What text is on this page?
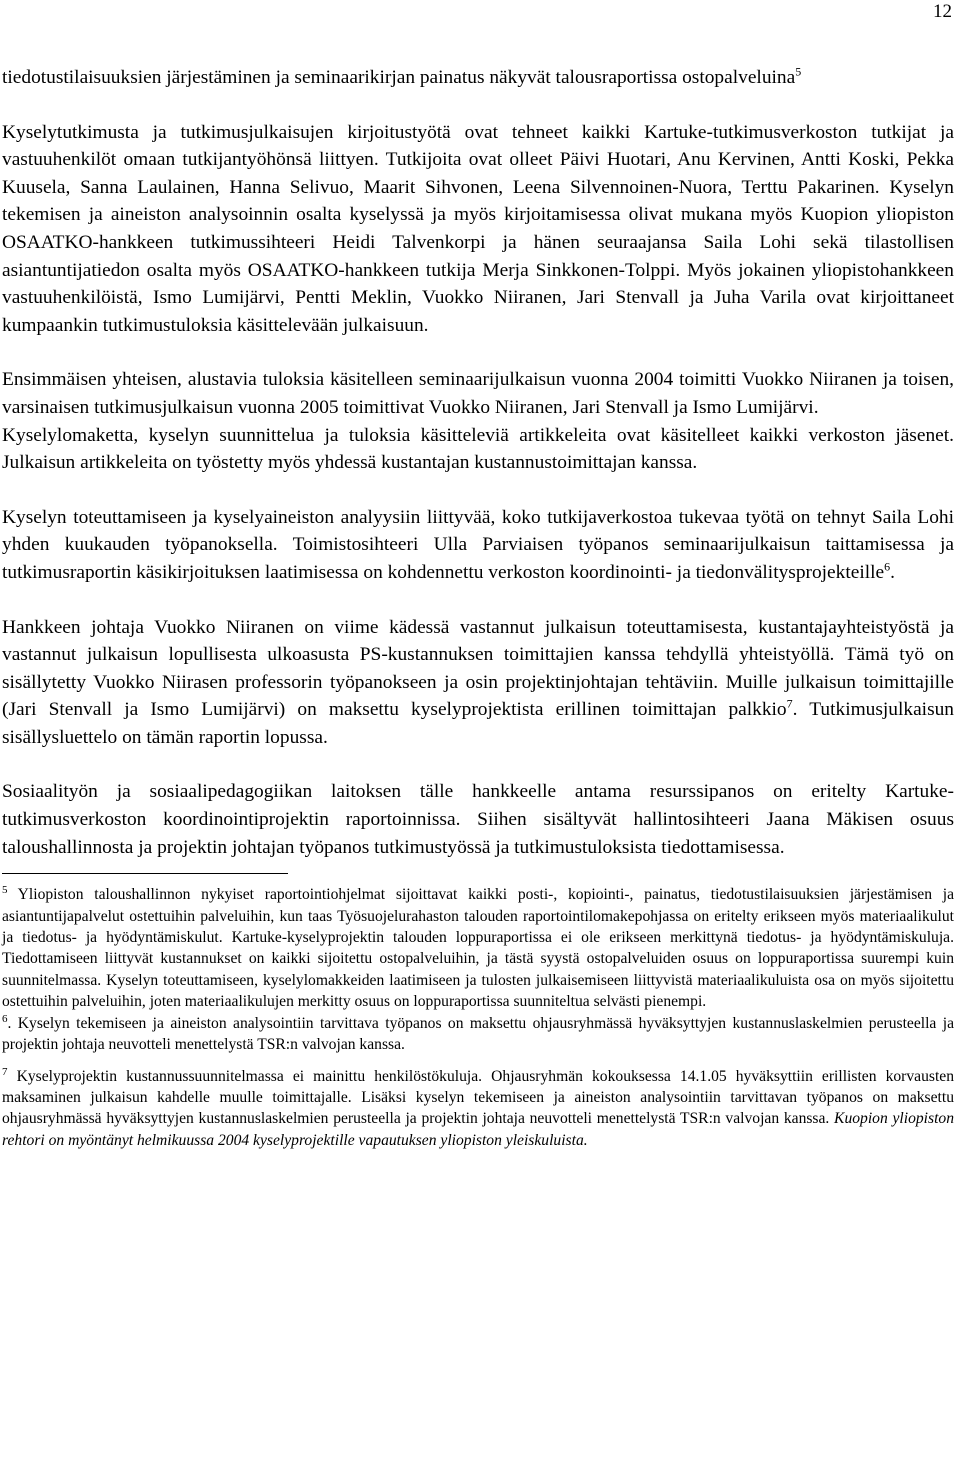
12

tiedotustilaisuuksien järjestäminen ja seminaarikirjan painatus näkyvät talousraportissa ostopalveluina$^5$

Kyselytutkimusta ja tutkimusjulkaisujen kirjoitustyötä ovat tehneet kaikki Kartuke-tutkimusverkoston tutkijat ja vastuuhenkilöt omaan tutkijantyöhönsä liittyen. Tutkijoita ovat olleet Päivi Huotari, Anu Kervinen, Antti Koski, Pekka Kuusela, Sanna Laulainen, Hanna Selivuo, Maarit Sihvonen, Leena Silvennoinen-Nuora, Terttu Pakarinen. Kyselyn tekemisen ja aineiston analysoinnin osalta kyselyssä ja myös kirjoitamisessa olivat mukana myös Kuopion yliopiston OSAATKO-hankkeen tutkimussihteeri Heidi Talvenkorpi ja hänen seuraajansa Saila Lohi sekä tilastollisen asiantuntijatiedon osalta myös OSAATKO-hankkeen tutkija Merja Sinkkonen-Tolppi. Myös jokainen yliopistohankkeen vastuuhenkilöistä, Ismo Lumijärvi, Pentti Meklin, Vuokko Niiranen, Jari Stenvall ja Juha Varila ovat kirjoittaneet kumpaankin tutkimustuloksia käsittelevään julkaisuun.

Ensimmäisen yhteisen, alustavia tuloksia käsitelleen seminaarijulkaisun vuonna 2004 toimitti Vuokko Niiranen ja toisen, varsinaisen tutkimusjulkaisun vuonna 2005 toimittivat Vuokko Niiranen, Jari Stenvall ja Ismo Lumijärvi.

Kyselylomaketta, kyselyn suunnittelua ja tuloksia käsitteleviä artikkeleita ovat käsitelleet kaikki verkoston jäsenet. Julkaisun artikkeleita on työstetty myös yhdessä kustantajan kustannustoimittajan kanssa.

Kyselyn toteuttamiseen ja kyselyaineiston analyysiin liittyvää, koko tutkijaverkostoa tukevaa työtä on tehnyt Saila Lohi yhden kuukauden työpanoksella. Toimistosihteeri Ulla Parviaisen työpanos seminaarijulkaisun taittamisessa ja tutkimusraportin käsikirjoituksen laatimisessa on kohdennettu verkoston koordinointi- ja tiedonvälitysprojekteille$^6$.

Hankkeen johtaja Vuokko Niiranen on viime kädessä vastannut julkaisun toteuttamisesta, kustantajayhteistyöstä ja vastannut julkaisun lopullisesta ulkoasusta PS-kustannuksen toimittajien kanssa tehdyllä yhteistyöllä. Tämä työ on sisällytetty Vuokko Niirasen professorin työpanokseen ja osin projektinjohtajan tehtäviin. Muille julkaisun toimittajille (Jari Stenvall ja Ismo Lumijärvi) on maksettu kyselyprojektista erillinen toimittajan palkkio$^7$. Tutkimusjulkaisun sisällysluettelo on tämän raportin lopussa.

Sosiaalityön ja sosiaalipedagogiikan laitoksen tälle hankkeelle antama resurssipanos on eritelty Kartuke-tutkimusverkoston koordinointiprojektin raportoinnissa. Siihen sisältyvät hallintosihteeri Jaana Mäkisen osuus taloushallinnosta ja projektin johtajan työpanos tutkimustyössä ja tutkimustuloksista tiedottamisessa.

$^5$ Yliopiston taloushallinnon nykyiset raportointiohjelmat sijoittavat kaikki posti-, kopiointi-, painatus, tiedotustilaisuuksien järjestämisen ja asiantuntijapalvelut ostettuihin palveluihin, kun taas Työsuojelurahaston talouden raportointilomakepohjassa on eritelty erikseen myös materiaalikulut ja tiedotus- ja hyödyntämiskulut. Kartuke-kyselyprojektin talouden loppuraportissa ei ole erikseen merkittynä tiedotus- ja hyödyntämiskuluja. Tiedottamiseen liittyvät kustannukset on kaikki sijoitettu ostopalveluihin, ja tästä syystä ostopalveluiden osuus on loppuraportissa suurempi kuin suunnitelmassa. Kyselyn toteuttamiseen, kyselylomakkeiden laatimiseen ja tulosten julkaisemiseen liittyvistä materiaalikuluista osa on myös sijoitettu ostettuihin palveluihin, joten materiaalikulujen merkitty osuus on loppuraportissa suunniteltua selvästi pienempi.

$^6$. Kyselyn tekemiseen ja aineiston analysointiin tarvittava työpanos on maksettu ohjausryhmässä hyväksyttyjen kustannuslaskelmien perusteella ja projektin johtaja neuvotteli menettelystä TSR:n valvojan kanssa.

$^7$ Kyselyprojektin kustannussuunnitelmassa ei mainittu henkilöstökuluja. Ohjausryhmän kokouksessa 14.1.05 hyväksyttiin erillisten korvausten maksaminen julkaisun kahdelle muulle toimittajalle. Lisäksi kyselyn tekemiseen ja aineiston analysointiin tarvittavan työpanos on maksettu ohjausryhmässä hyväksyttyjen kustannuslaskelmien perusteella ja projektin johtaja neuvotteli menettelystä TSR:n valvojan kanssa. Kuopion yliopiston rehtori on myöntänyt helmikuussa 2004 kyselyprojektille vapautuksen yliopiston yleiskuluista.
